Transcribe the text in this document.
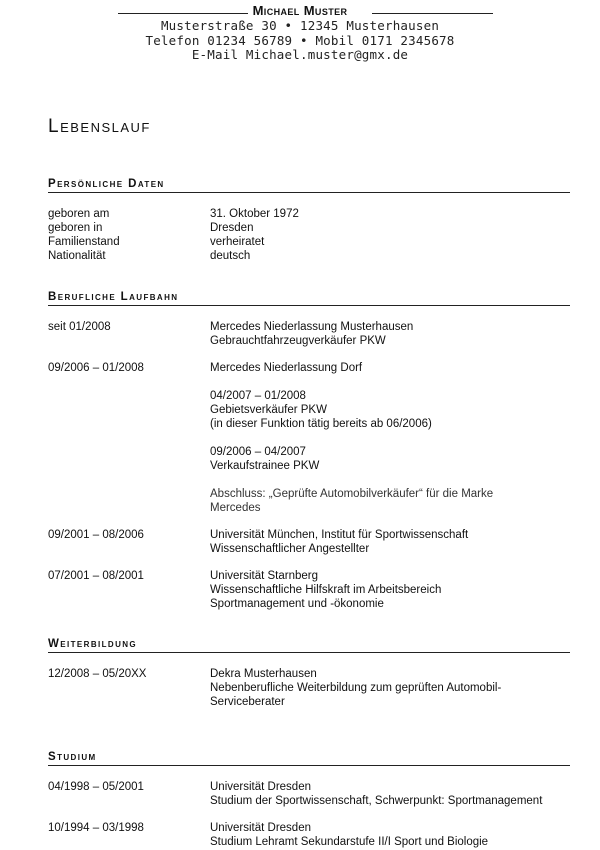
Michael Muster
Musterstraße 30 • 12345 Musterhausen
Telefon 01234 56789 • Mobil 0171 2345678
E-Mail Michael.muster@gmx.de
Lebenslauf
Persönliche Daten
geboren am	31. Oktober 1972
geboren in	Dresden
Familienstand	verheiratet
Nationalität	deutsch
Berufliche Laufbahn
seit 01/2008	Mercedes Niederlassung Musterhausen
Gebrauchtfahrzeugverkäufer PKW
09/2006 – 01/2008	Mercedes Niederlassung Dorf
04/2007 – 01/2008
Gebietsverkäufer PKW
(in dieser Funktion tätig bereits ab 06/2006)
09/2006 – 04/2007
Verkaufstrainee PKW
Abschluss: „Geprüfte Automobilverkäufer“ für die Marke
Mercedes
09/2001 – 08/2006	Universität München, Institut für Sportwissenschaft
Wissenschaftlicher Angestellter
07/2001 – 08/2001	Universität Starnberg
Wissenschaftliche Hilfskraft im Arbeitsbereich
Sportmanagement und -ökonomie
Weiterbildung
12/2008 – 05/20XX	Dekra Musterhausen
Nebenberufliche Weiterbildung zum geprüften Automobil-
Serviceberater
Studium
04/1998 – 05/2001	Universität Dresden
Studium der Sportwissenschaft, Schwerpunkt: Sportmanagement
10/1994 – 03/1998	Universität Dresden
Studium Lehramt Sekundarstufe II/I Sport und Biologie
